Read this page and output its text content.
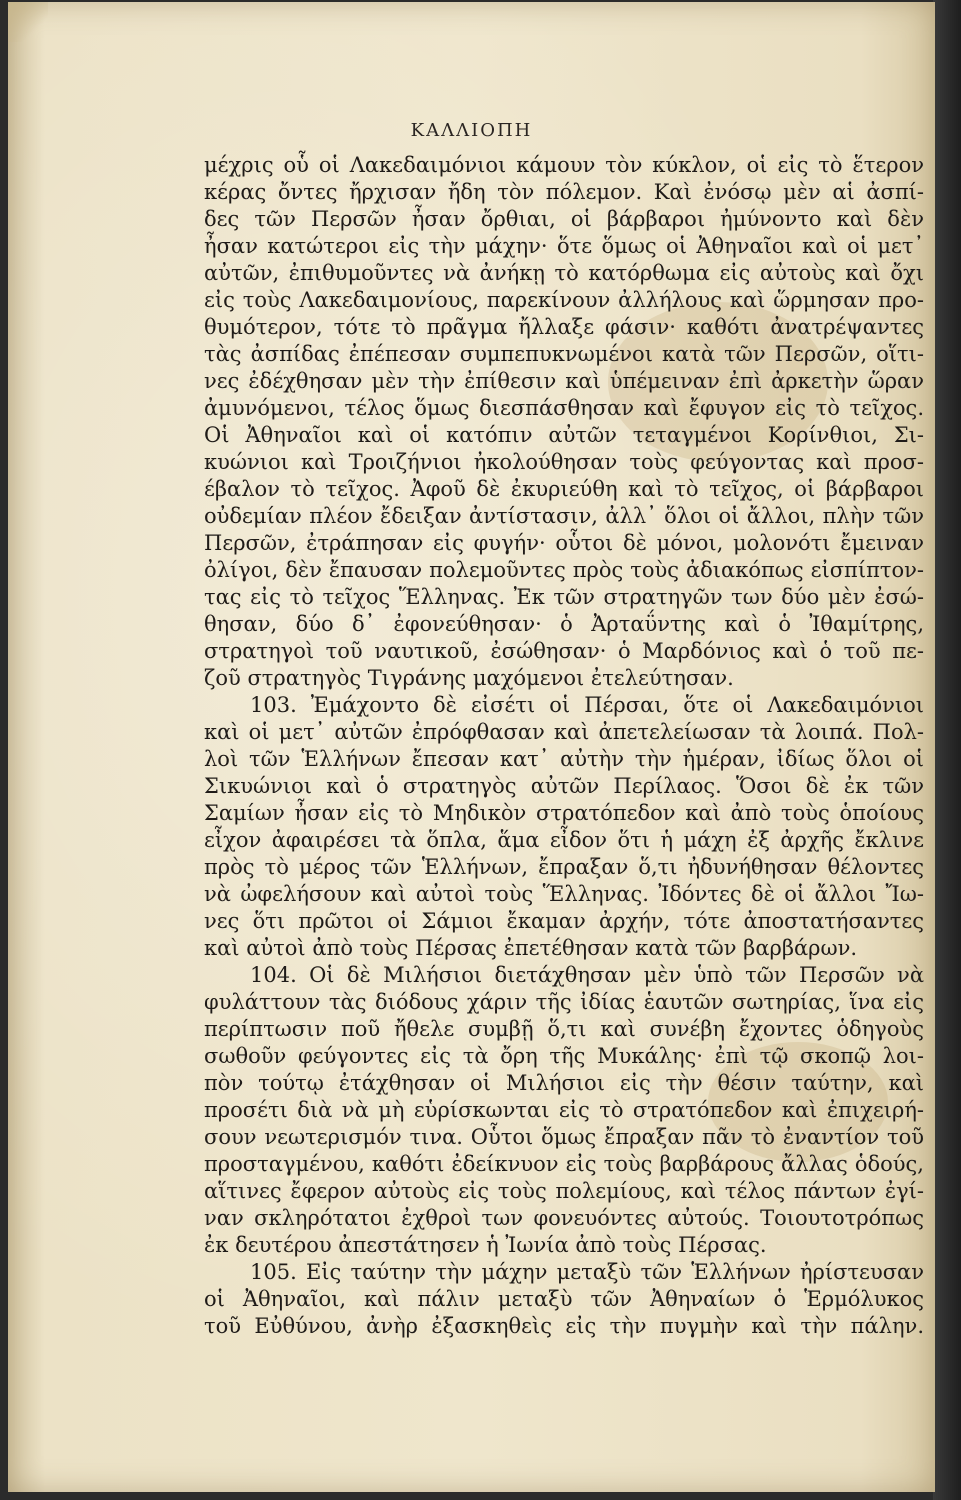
ΚΑΛΛΙΟΠΗ
μέχρις οὗ οἱ Λακεδαιμόνιοι κάμουν τὸν κύκλον, οἱ εἰς τὸ ἕτερον
κέρας ὄντες ἤρχισαν ἤδη τὸν πόλεμον. Καὶ ἐνόσῳ μὲν αἱ ἀσπί-
δες τῶν Περσῶν ἦσαν ὄρθιαι, οἱ βάρβαροι ἠμύνοντο καὶ δὲν
ἦσαν κατώτεροι εἰς τὴν μάχην· ὅτε ὅμως οἱ Ἀθηναῖοι καὶ οἱ μετ᾽
αὐτῶν, ἐπιθυμοῦντες νὰ ἀνήκῃ τὸ κατόρθωμα εἰς αὐτοὺς καὶ ὄχι
εἰς τοὺς Λακεδαιμονίους, παρεκίνουν ἀλλήλους καὶ ὥρμησαν προ-
θυμότερον, τότε τὸ πρᾶγμα ἤλλαξε φάσιν· καθότι ἀνατρέψαντες
τὰς ἀσπίδας ἐπέπεσαν συμπεπυκνωμένοι κατὰ τῶν Περσῶν, οἵτι-
νες ἐδέχθησαν μὲν τὴν ἐπίθεσιν καὶ ὑπέμειναν ἐπὶ ἀρκετὴν ὥραν
ἀμυνόμενοι, τέλος ὅμως διεσπάσθησαν καὶ ἔφυγον εἰς τὸ τεῖχος.
Οἱ Ἀθηναῖοι καὶ οἱ κατόπιν αὐτῶν τεταγμένοι Κορίνθιοι, Σι-
κυώνιοι καὶ Τροιζήνιοι ἠκολούθησαν τοὺς φεύγοντας καὶ προσ-
έβαλον τὸ τεῖχος. Ἀφοῦ δὲ ἐκυριεύθη καὶ τὸ τεῖχος, οἱ βάρβαροι
οὐδεμίαν πλέον ἔδειξαν ἀντίστασιν, ἀλλ᾽ ὅλοι οἱ ἄλλοι, πλὴν τῶν
Περσῶν, ἐτράπησαν εἰς φυγήν· οὗτοι δὲ μόνοι, μολονότι ἔμειναν
ὀλίγοι, δὲν ἔπαυσαν πολεμοῦντες πρὸς τοὺς ἀδιακόπως εἰσπίπτον-
τας εἰς τὸ τεῖχος Ἕλληνας. Ἐκ τῶν στρατηγῶν των δύο μὲν ἐσώ-
θησαν, δύο δ᾽ ἐφονεύθησαν· ὁ Ἀρταΰντης καὶ ὁ Ἰθαμίτρης,
στρατηγοὶ τοῦ ναυτικοῦ, ἐσώθησαν· ὁ Μαρδόνιος καὶ ὁ τοῦ πε-
ζοῦ στρατηγὸς Τιγράνης μαχόμενοι ἐτελεύτησαν.
103. Ἐμάχοντο δὲ εἰσέτι οἱ Πέρσαι, ὅτε οἱ Λακεδαιμόνιοι
καὶ οἱ μετ᾽ αὐτῶν ἐπρόφθασαν καὶ ἀπετελείωσαν τὰ λοιπά. Πολ-
λοὶ τῶν Ἑλλήνων ἔπεσαν κατ᾽ αὐτὴν τὴν ἡμέραν, ἰδίως ὅλοι οἱ
Σικυώνιοι καὶ ὁ στρατηγὸς αὐτῶν Περίλαος. Ὅσοι δὲ ἐκ τῶν
Σαμίων ἦσαν εἰς τὸ Μηδικὸν στρατόπεδον καὶ ἀπὸ τοὺς ὁποίους
εἶχον ἀφαιρέσει τὰ ὅπλα, ἅμα εἶδον ὅτι ἡ μάχη ἐξ ἀρχῆς ἔκλινε
πρὸς τὸ μέρος τῶν Ἑλλήνων, ἔπραξαν ὅ,τι ἠδυνήθησαν θέλοντες
νὰ ὠφελήσουν καὶ αὐτοὶ τοὺς Ἕλληνας. Ἰδόντες δὲ οἱ ἄλλοι Ἴω-
νες ὅτι πρῶτοι οἱ Σάμιοι ἔκαμαν ἀρχήν, τότε ἀποστατήσαντες
καὶ αὐτοὶ ἀπὸ τοὺς Πέρσας ἐπετέθησαν κατὰ τῶν βαρβάρων.
104. Οἱ δὲ Μιλήσιοι διετάχθησαν μὲν ὑπὸ τῶν Περσῶν νὰ
φυλάττουν τὰς διόδους χάριν τῆς ἰδίας ἑαυτῶν σωτηρίας, ἵνα εἰς
περίπτωσιν ποῦ ἤθελε συμβῇ ὅ,τι καὶ συνέβη ἔχοντες ὁδηγοὺς
σωθοῦν φεύγοντες εἰς τὰ ὄρη τῆς Μυκάλης· ἐπὶ τῷ σκοπῷ λοι-
πὸν τούτῳ ἐτάχθησαν οἱ Μιλήσιοι εἰς τὴν θέσιν ταύτην, καὶ
προσέτι διὰ νὰ μὴ εὑρίσκωνται εἰς τὸ στρατόπεδον καὶ ἐπιχειρή-
σουν νεωτερισμόν τινα. Οὗτοι ὅμως ἔπραξαν πᾶν τὸ ἐναντίον τοῦ
προσταγμένου, καθότι ἐδείκνυον εἰς τοὺς βαρβάρους ἄλλας ὁδούς,
αἵτινες ἔφερον αὐτοὺς εἰς τοὺς πολεμίους, καὶ τέλος πάντων ἐγί-
ναν σκληρότατοι ἐχθροὶ των φονευόντες αὐτούς. Τοιουτοτρόπως
ἐκ δευτέρου ἀπεστάτησεν ἡ Ἰωνία ἀπὸ τοὺς Πέρσας.
105. Εἰς ταύτην τὴν μάχην μεταξὺ τῶν Ἑλλήνων ἠρίστευσαν
οἱ Ἀθηναῖοι, καὶ πάλιν μεταξὺ τῶν Ἀθηναίων ὁ Ἑρμόλυκος
τοῦ Εὐθύνου, ἀνὴρ ἐξασκηθεὶς εἰς τὴν πυγμὴν καὶ τὴν πάλην.
